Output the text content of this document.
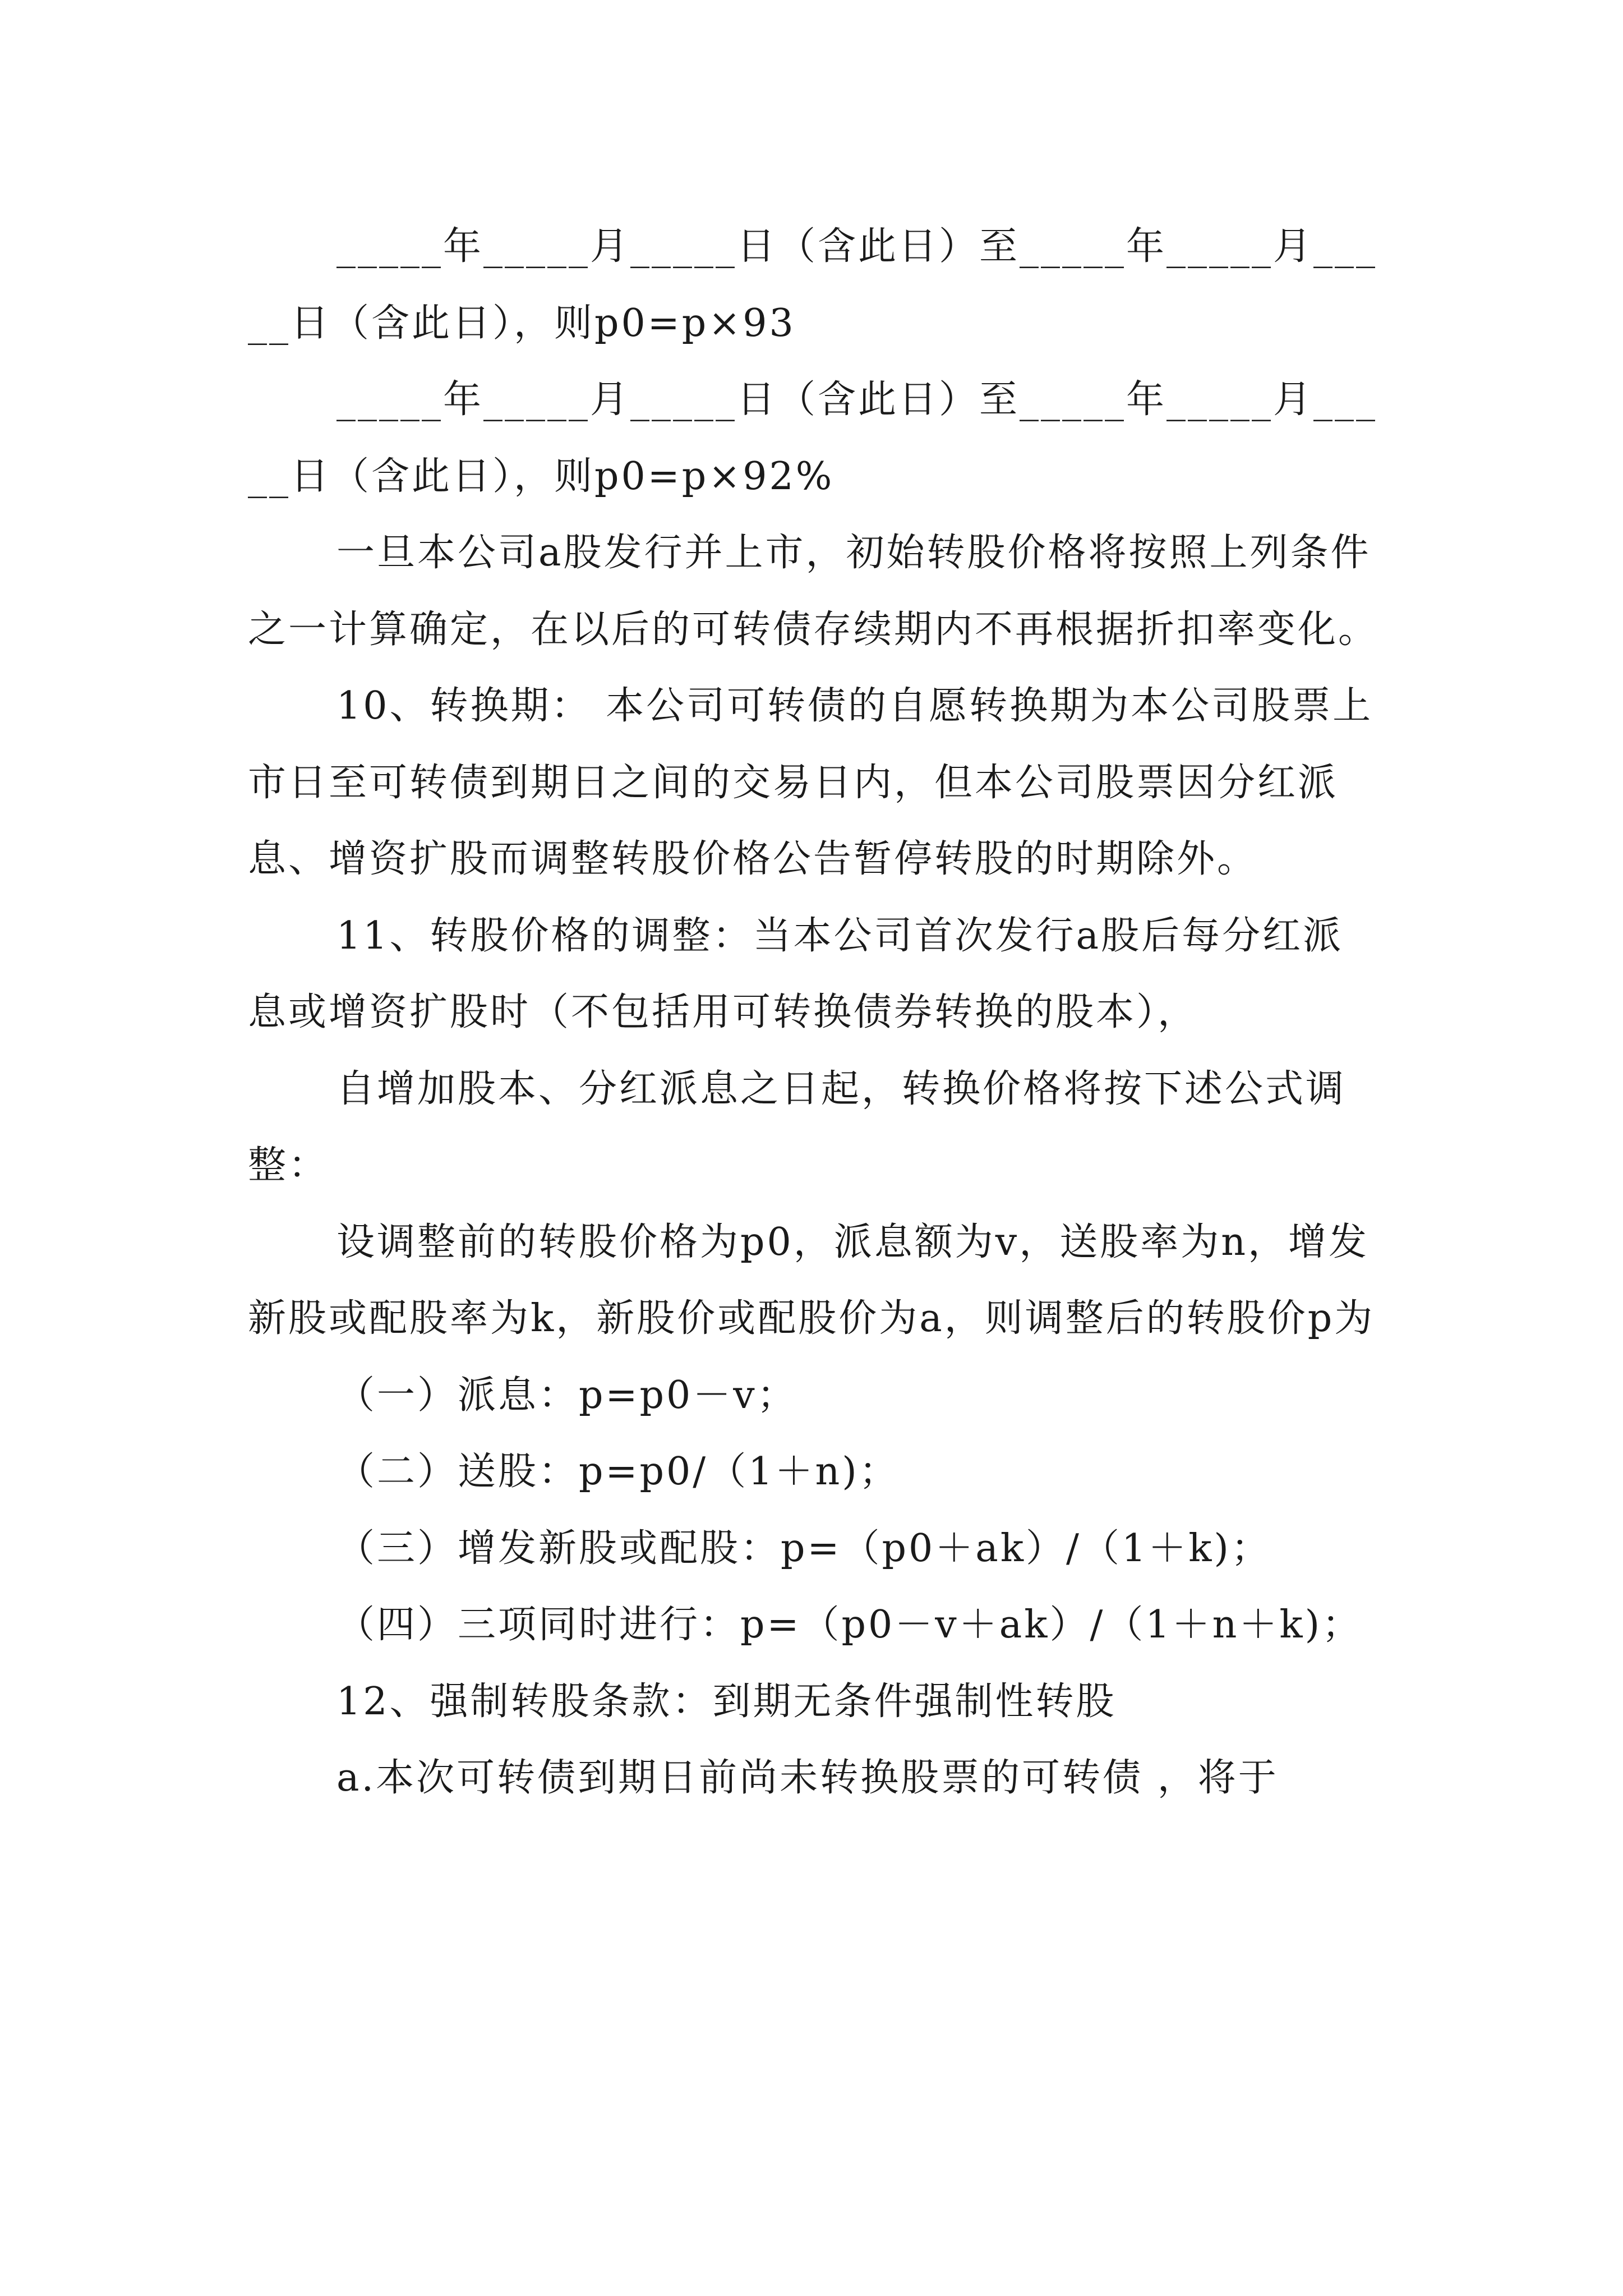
_____年_____月_____日（含此日）至_____年_____月_____日（含此日），则p0=p×93

_____年_____月_____日（含此日）至_____年_____月_____日（含此日），则p0=p×92%

一旦本公司a股发行并上市，初始转股价格将按照上列条件之一计算确定，在以后的可转债存续期内不再根据折扣率变化。

10、转换期： 本公司可转债的自愿转换期为本公司股票上市日至可转债到期日之间的交易日内，但本公司股票因分红派息、增资扩股而调整转股价格公告暂停转股的时期除外。

11、转股价格的调整：当本公司首次发行a股后每分红派息或增资扩股时（不包括用可转换债券转换的股本），

自增加股本、分红派息之日起，转换价格将按下述公式调整：

设调整前的转股价格为p0，派息额为v，送股率为n，增发新股或配股率为k，新股价或配股价为a，则调整后的转股价p为

（一）派息：p=p0－v；

（二）送股：p=p0/（1＋n)；

（三）增发新股或配股：p=（p0＋ak）/（1＋k)；

（四）三项同时进行：p=（p0－v＋ak）/（1＋n＋k)；

12、强制转股条款：到期无条件强制性转股

a.本次可转债到期日前尚未转换股票的可转债 ，将于
